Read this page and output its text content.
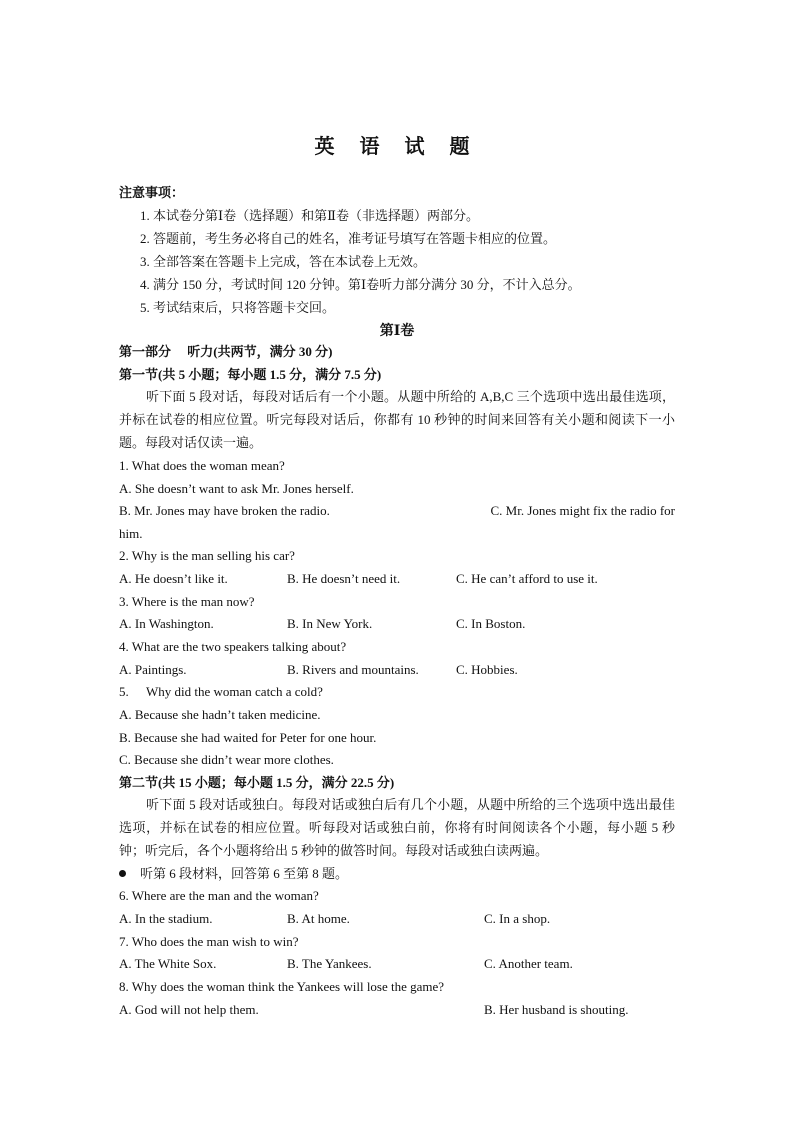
英 语 试 题
注意事项：
1. 本试卷分第Ⅰ卷（选择题）和第Ⅱ卷（非选择题）两部分。
2. 答题前，考生务必将自己的姓名，准考证号填写在答题卡相应的位置。
3. 全部答案在答题卡上完成，答在本试卷上无效。
4. 满分 150 分，考试时间 120 分钟。第Ⅰ卷听力部分满分 30 分，不计入总分。
5. 考试结束后，只将答题卡交回。
第Ⅰ卷
第一部分　 听力(共两节，满分 30 分)
第一节(共 5 小题；每小题 1.5 分，满分 7.5 分)
听下面 5 段对话，每段对话后有一个小题。从题中所给的 A,B,C 三个选项中选出最佳选项，并标在试卷的相应位置。听完每段对话后，你都有 10 秒钟的时间来回答有关小题和阅读下一小题。每段对话仅读一遍。
1. What does the woman mean?
A. She doesn’t want to ask Mr. Jones herself.
B. Mr. Jones may have broken the radio.	C. Mr. Jones might fix the radio for
him.
2. Why is the man selling his car?
A. He doesn’t like it.	B. He doesn’t need it.	C. He can’t afford to use it.
3. Where is the man now?
A. In Washington.	B. In New York.	C. In Boston.
4. What are the two speakers talking about?
A. Paintings.	B. Rivers and mountains.	C. Hobbies.
5. Why did the woman catch a cold?
A. Because she hadn’t taken medicine.
B. Because she had waited for Peter for one hour.
C. Because she didn’t wear more clothes.
第二节(共 15 小题；每小题 1.5 分，满分 22.5 分)
听下面 5 段对话或独白。每段对话或独白后有几个小题，从题中所给的三个选项中选出最佳选项，并标在试卷的相应位置。听每段对话或独白前，你将有时间阅读各个小题，每小题 5 秒钟；听完后，各个小题将给出 5 秒钟的做答时间。每段对话或独白读两遍。
听第 6 段材料，回答第 6 至第 8 题。
6. Where are the man and the woman?
A. In the stadium.	B. At home.	C. In a shop.
7. Who does the man wish to win?
A. The White Sox.	B. The Yankees.	C. Another team.
8. Why does the woman think the Yankees will lose the game?
A. God will not help them.	B. Her husband is shouting.
